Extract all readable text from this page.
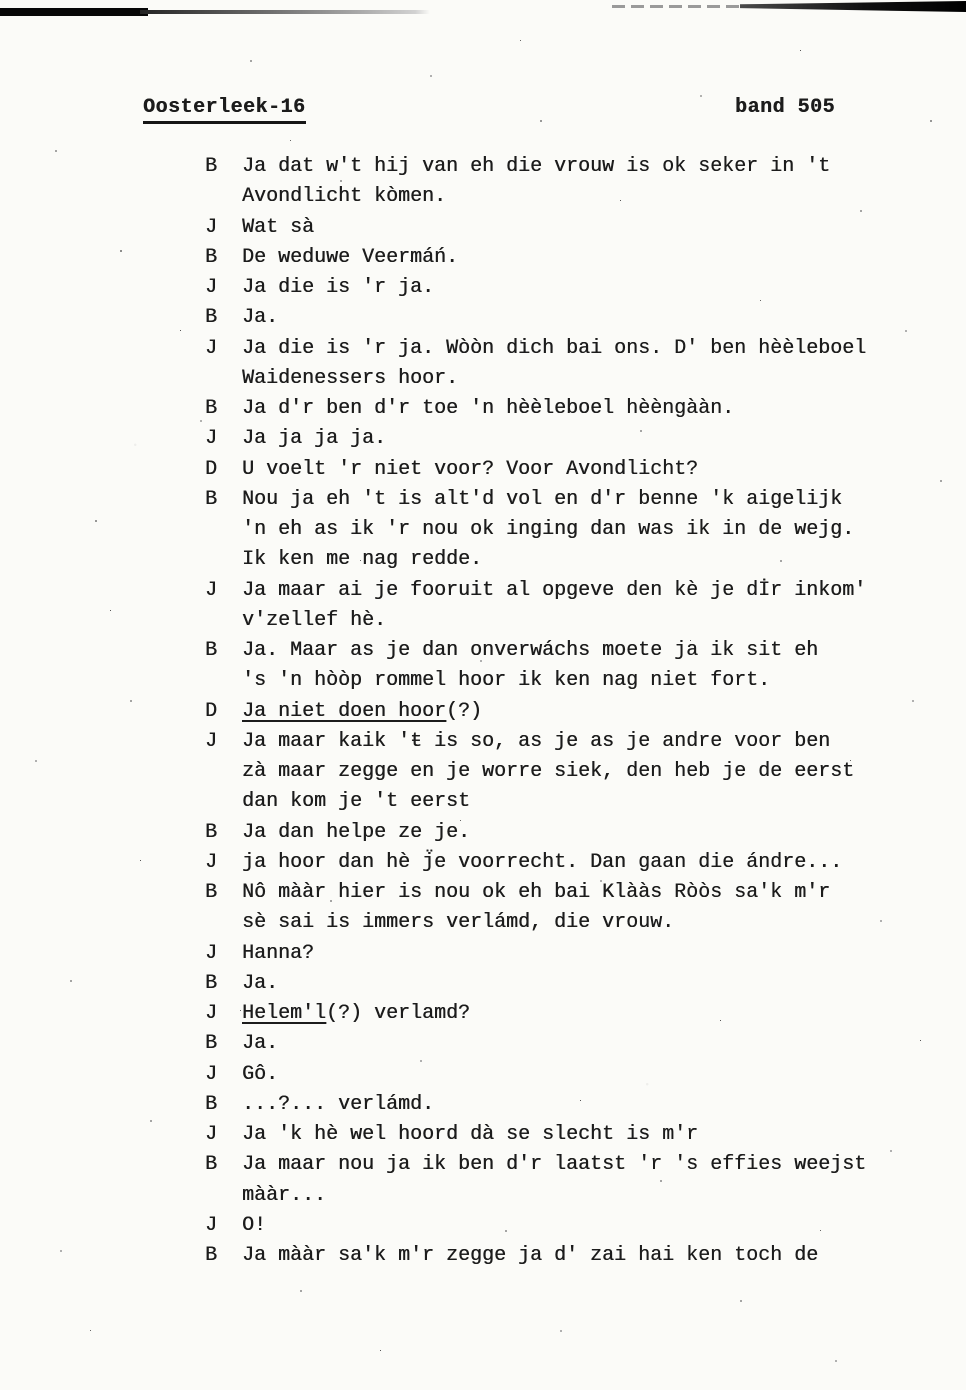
Oosterleek-16	band 505
B	Ja dat w't hij van eh die vrouw is ok seker in 't
Avondlicht kòmen.
J	Wat sà
B	De weduwe Veermáń.
J	Ja die is 'r ja.
B	Ja.
J	Ja die is 'r ja. Wòòn dich bai ons. D' ben hèèleboel
Waidenessers hoor.
B	Ja d'r ben d'r toe 'n hèèleboel hèèngààn.
J	Ja ja ja ja.
D	U voelt 'r niet voor? Voor Avondlicht?
B	Nou ja eh 't is alt'd vol en d'r benne 'k aigelijk
'n eh as ik 'r nou ok inging dan was ik in de wejg.
Ik ken me nag redde.
J	Ja maar ai je fooruit al opgeve den kè je dİr inkom'
v'zellef hè.
B	Ja. Maar as je dan onverwáchs moete ja ik sit eh
's 'n hòòp rommel hoor ik ken nag niet fort.
D	Ja niet doen hoor(?)
J	Ja maar kaik 'ŧ is so, as je as je andre voor ben
zà maar zegge en je worre siek, den heb je de eerst
dan kom je 't eerst
B	Ja dan helpe ze je.
J	ja hoor dan hè j̈e voorrecht. Dan gaan die ándre...
B	Nô mààr hier is nou ok eh bai Klààs Ròòs sa'k m'r
sè sai is immers verlámd, die vrouw.
J	Hanna?
B	Ja.
J	Helem'l(?) verlamd?
B	Ja.
J	Gô.
B	...?... verlámd.
J	Ja 'k hè wel hoord dà se slecht is m'r
B	Ja maar nou ja ik ben d'r laatst 'r 's effies weejst
mààr...
J	O!
B	Ja mààr sa'k m'r zegge ja d' zai hai ken toch de
